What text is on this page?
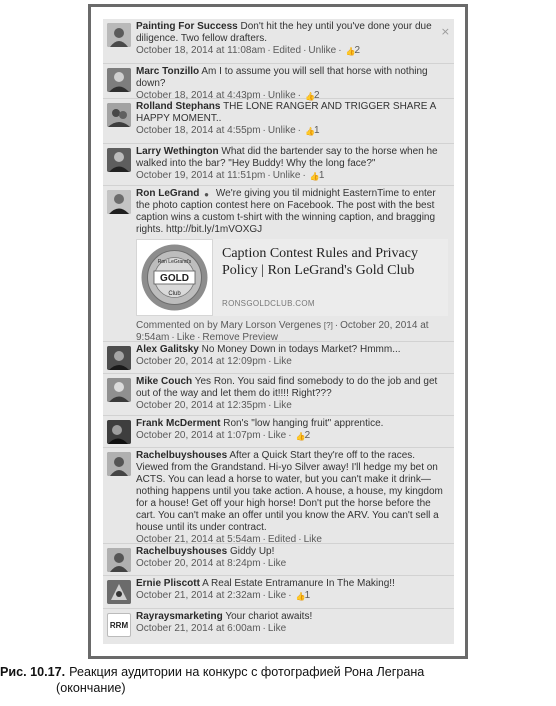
×
Painting For Success Don't hit the hey until you've done your due diligence. Two fellow drafters.
October 18, 2014 at 11:08am · Edited · Unlike · 👍2
Marc Tonzillo Am I to assume you will sell that horse with nothing down?
October 18, 2014 at 4:43pm · Unlike · 👍2
Rolland Stephans THE LONE RANGER AND TRIGGER SHARE A HAPPY MOMENT..
October 18, 2014 at 4:55pm · Unlike · 👍1
Larry Wethington What did the bartender say to the horse when he walked into the bar? "Hey Buddy! Why the long face?"
October 19, 2014 at 11:51pm · Unlike · 👍1
Ron LeGrand ● We're giving you til midnight EasternTime to enter the photo caption contest here on Facebook. The post with the best caption wins a custom t-shirt with the winning caption, and bragging rights. http://bit.ly/1mVOXGJ
GOLD
Ron LeGrand's
Club
Caption Contest Rules and Privacy Policy | Ron LeGrand's Gold Club
RONSGOLDCLUB.COM
Commented on by Mary Lorson Vergenes [?] · October 20, 2014 at 9:54am · Like · Remove Preview
Alex Galitsky No Money Down in todays Market? Hmmm...
October 20, 2014 at 12:09pm · Like
Mike Couch Yes Ron. You said find somebody to do the job and get out of the way and let them do it!!!! Right???
October 20, 2014 at 12:35pm · Like
Frank McDerment Ron's "low hanging fruit" apprentice.
October 20, 2014 at 1:07pm · Like · 👍2
Rachelbuyshouses After a Quick Start they're off to the races. Viewed from the Grandstand. Hi-yo Silver away! I'll hedge my bet on ACTS. You can lead a horse to water, but you can't make it drink—nothing happens until you take action. A house, a house, my kingdom for a house! Get off your high horse! Don't put the horse before the cart. You can't make an offer until you know the ARV. You can't sell a house until its under contract.
October 21, 2014 at 5:54am · Edited · Like
Rachelbuyshouses Giddy Up!
October 20, 2014 at 8:24pm · Like
Ernie Pliscott A Real Estate Entramanure In The Making!!
October 21, 2014 at 2:32am · Like · 👍1
RRM
Rayraysmarketing Your chariot awaits!
October 21, 2014 at 6:00am · Like
Рис. 10.17. Реакция аудитории на конкурс с фотографией Рона Леграна
(окончание)
